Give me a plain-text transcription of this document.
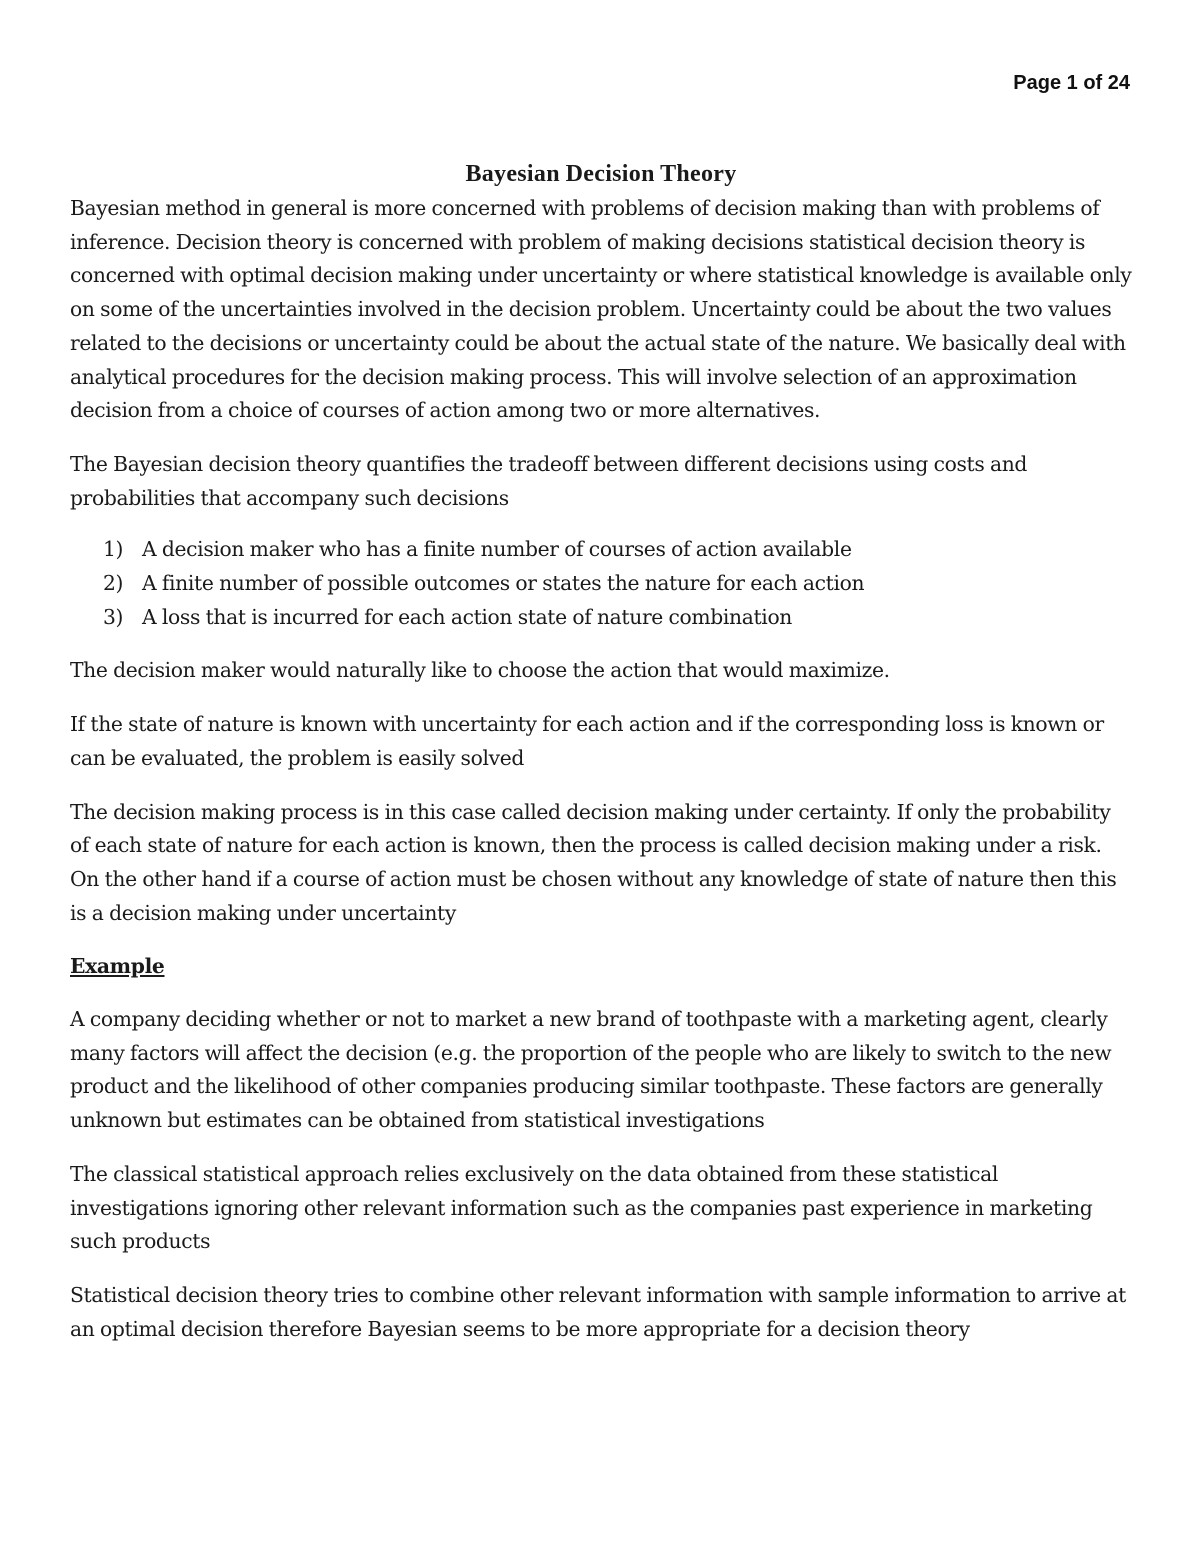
Page 1 of 24
Bayesian Decision Theory

Bayesian method in general is more concerned with problems of decision making than with problems of inference. Decision theory is concerned with problem of making decisions statistical decision theory is concerned with optimal decision making under uncertainty or where statistical knowledge is available only on some of the uncertainties involved in the decision problem. Uncertainty could be about the two values related to the decisions or uncertainty could be about the actual state of the nature. We basically deal with analytical procedures for the decision making process. This will involve selection of an approximation decision from a choice of courses of action among two or more alternatives.

The Bayesian decision theory quantifies the tradeoff between different decisions using costs and probabilities that accompany such decisions

1) A decision maker who has a finite number of courses of action available
2) A finite number of possible outcomes or states the nature for each action
3) A loss that is incurred for each action state of nature combination

The decision maker would naturally like to choose the action that would maximize.

If the state of nature is known with uncertainty for each action and if the corresponding loss is known or can be evaluated, the problem is easily solved

The decision making process is in this case called decision making under certainty. If only the probability of each state of nature for each action is known, then the process is called decision making under a risk. On the other hand if a course of action must be chosen without any knowledge of state of nature then this is a decision making under uncertainty

Example

A company deciding whether or not to market a new brand of toothpaste with a marketing agent, clearly many factors will affect the decision (e.g. the proportion of the people who are likely to switch to the new product and the likelihood of other companies producing similar toothpaste. These factors are generally unknown but estimates can be obtained from statistical investigations

The classical statistical approach relies exclusively on the data obtained from these statistical investigations ignoring other relevant information such as the companies past experience in marketing such products

Statistical decision theory tries to combine other relevant information with sample information to arrive at an optimal decision therefore Bayesian seems to be more appropriate for a decision theory
